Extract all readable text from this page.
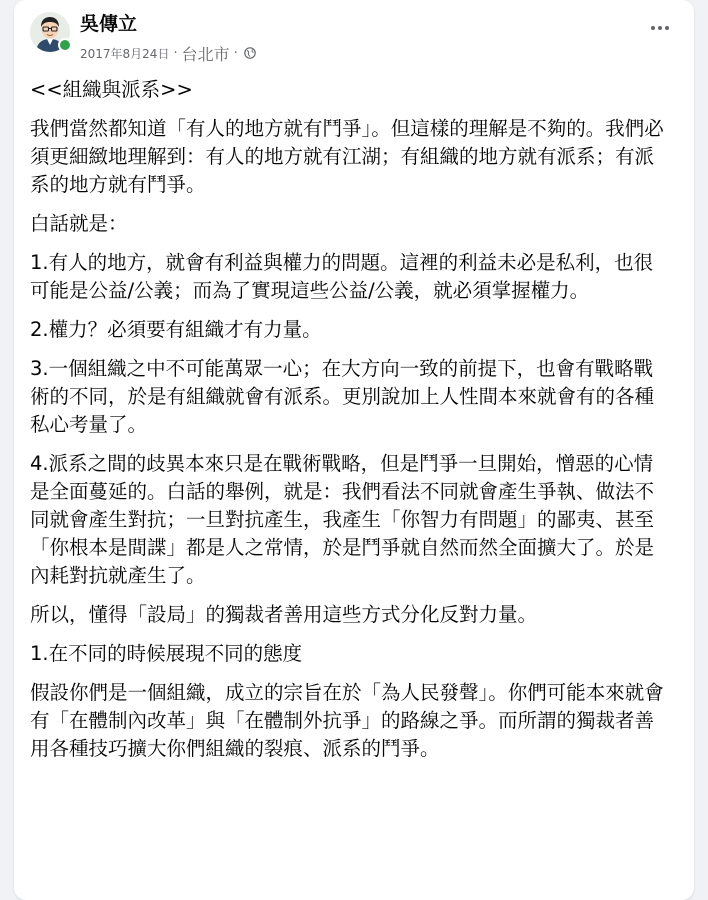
吳傳立
2017年8月24日 · 台北市 ·

<<組織與派系>>

我們當然都知道「有人的地方就有鬥爭」。但這樣的理解是不夠的。我們必須更細緻地理解到：有人的地方就有江湖；有組織的地方就有派系；有派系的地方就有鬥爭。

白話就是：

1.有人的地方，就會有利益與權力的問題。這裡的利益未必是私利，也很可能是公益/公義；而為了實現這些公益/公義，就必須掌握權力。

2.權力？必須要有組織才有力量。

3.一個組織之中不可能萬眾一心；在大方向一致的前提下，也會有戰略戰術的不同，於是有組織就會有派系。更別說加上人性間本來就會有的各種私心考量了。

4.派系之間的歧異本來只是在戰術戰略，但是鬥爭一旦開始，憎惡的心情是全面蔓延的。白話的舉例，就是：我們看法不同就會產生爭執、做法不同就會產生對抗；一旦對抗產生，我產生「你智力有問題」的鄙夷、甚至「你根本是間諜」都是人之常情，於是鬥爭就自然而然全面擴大了。於是內耗對抗就產生了。

所以，懂得「設局」的獨裁者善用這些方式分化反對力量。

1.在不同的時候展現不同的態度

假設你們是一個組織，成立的宗旨在於「為人民發聲」。你們可能本來就會有「在體制內改革」與「在體制外抗爭」的路線之爭。而所謂的獨裁者善用各種技巧擴大你們組織的裂痕、派系的鬥爭。
